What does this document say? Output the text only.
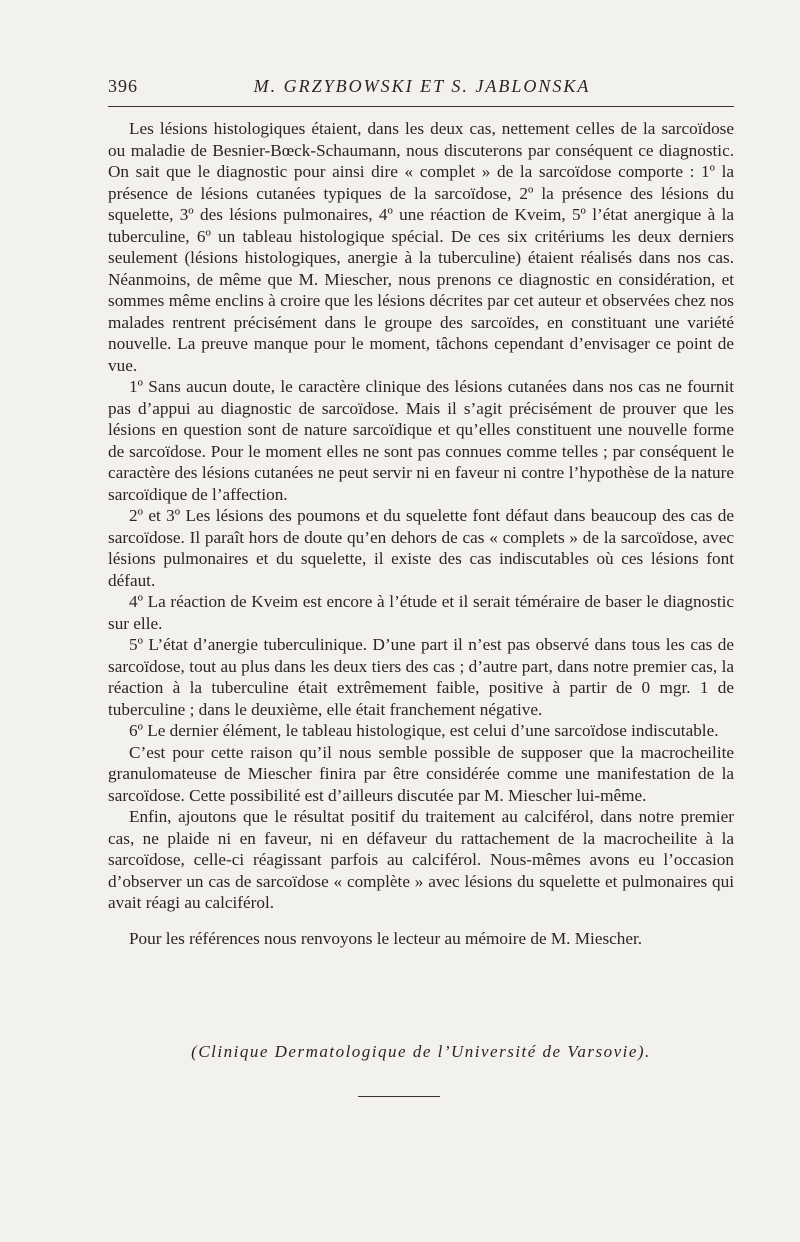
396	M. GRZYBOWSKI ET S. JABLONSKA

Les lésions histologiques étaient, dans les deux cas, nettement celles de la sarcoïdose ou maladie de Besnier-Bœck-Schaumann, nous discuterons par conséquent ce diagnostic. On sait que le diagnostic pour ainsi dire « complet » de la sarcoïdose comporte : 1º la présence de lésions cutanées typiques de la sarcoïdose, 2º la présence des lésions du squelette, 3º des lésions pulmonaires, 4º une réaction de Kveim, 5º l’état anergique à la tuberculine, 6º un tableau histologique spécial. De ces six critériums les deux derniers seulement (lésions histologiques, anergie à la tuberculine) étaient réalisés dans nos cas. Néanmoins, de même que M. Miescher, nous prenons ce diagnostic en considération, et sommes même enclins à croire que les lésions décrites par cet auteur et observées chez nos malades rentrent précisément dans le groupe des sarcoïdes, en constituant une variété nouvelle. La preuve manque pour le moment, tâchons cependant d’envisager ce point de vue.

1º Sans aucun doute, le caractère clinique des lésions cutanées dans nos cas ne fournit pas d’appui au diagnostic de sarcoïdose. Mais il s’agit précisément de prouver que les lésions en question sont de nature sarcoïdique et qu’elles constituent une nouvelle forme de sarcoïdose. Pour le moment elles ne sont pas connues comme telles ; par conséquent le caractère des lésions cutanées ne peut servir ni en faveur ni contre l’hypothèse de la nature sarcoïdique de l’affection.

2º et 3º Les lésions des poumons et du squelette font défaut dans beaucoup des cas de sarcoïdose. Il paraît hors de doute qu’en dehors de cas « complets » de la sarcoïdose, avec lésions pulmonaires et du squelette, il existe des cas indiscutables où ces lésions font défaut.

4º La réaction de Kveim est encore à l’étude et il serait téméraire de baser le diagnostic sur elle.

5º L’état d’anergie tuberculinique. D’une part il n’est pas observé dans tous les cas de sarcoïdose, tout au plus dans les deux tiers des cas ; d’autre part, dans notre premier cas, la réaction à la tuberculine était extrêmement faible, positive à partir de 0 mgr. 1 de tuberculine ; dans le deuxième, elle était franchement négative.

6º Le dernier élément, le tableau histologique, est celui d’une sarcoïdose indiscutable.

C’est pour cette raison qu’il nous semble possible de supposer que la macrocheilite granulomateuse de Miescher finira par être considérée comme une manifestation de la sarcoïdose. Cette possibilité est d’ailleurs discutée par M. Miescher lui-même.

Enfin, ajoutons que le résultat positif du traitement au calciférol, dans notre premier cas, ne plaide ni en faveur, ni en défaveur du rattachement de la macrocheilite à la sarcoïdose, celle-ci réagissant parfois au calciférol. Nous-mêmes avons eu l’occasion d’observer un cas de sarcoïdose « complète » avec lésions du squelette et pulmonaires qui avait réagi au calciférol.

Pour les références nous renvoyons le lecteur au mémoire de M. Miescher.

(Clinique Dermatologique de l’Université de Varsovie).
